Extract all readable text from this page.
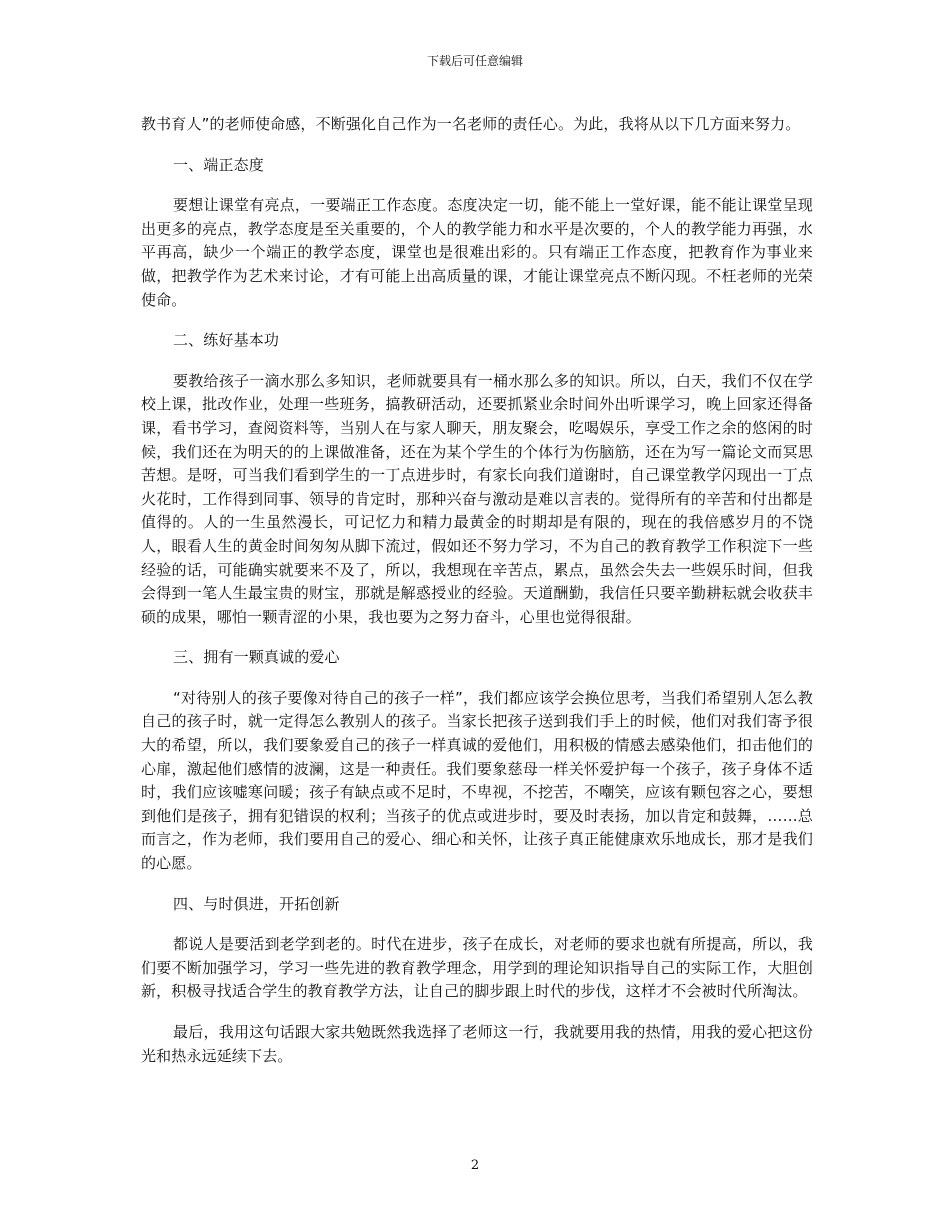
下载后可任意编辑

教书育人”的老师使命感，不断强化自己作为一名老师的责任心。为此，我将从以下几方面来努力。

一、端正态度

要想让课堂有亮点，一要端正工作态度。态度决定一切，能不能上一堂好课，能不能让课堂呈现出更多的亮点，教学态度是至关重要的，个人的教学能力和水平是次要的，个人的教学能力再强，水平再高，缺少一个端正的教学态度，课堂也是很难出彩的。只有端正工作态度，把教育作为事业来做，把教学作为艺术来讨论，才有可能上出高质量的课，才能让课堂亮点不断闪现。不枉老师的光荣使命。

二、练好基本功

要教给孩子一滴水那么多知识，老师就要具有一桶水那么多的知识。所以，白天，我们不仅在学校上课，批改作业，处理一些班务，搞教研活动，还要抓紧业余时间外出听课学习，晚上回家还得备课，看书学习，查阅资料等，当别人在与家人聊天，朋友聚会，吃喝娱乐，享受工作之余的悠闲的时候，我们还在为明天的的上课做准备，还在为某个学生的个体行为伤脑筋，还在为写一篇论文而冥思苦想。是呀，可当我们看到学生的一丁点进步时，有家长向我们道谢时，自己课堂教学闪现出一丁点火花时，工作得到同事、领导的肯定时，那种兴奋与激动是难以言表的。觉得所有的辛苦和付出都是值得的。人的一生虽然漫长，可记忆力和精力最黄金的时期却是有限的，现在的我倍感岁月的不饶人，眼看人生的黄金时间匆匆从脚下流过，假如还不努力学习，不为自己的教育教学工作积淀下一些经验的话，可能确实就要来不及了，所以，我想现在辛苦点，累点，虽然会失去一些娱乐时间，但我会得到一笔人生最宝贵的财宝，那就是解惑授业的经验。天道酬勤，我信任只要辛勤耕耘就会收获丰硕的成果，哪怕一颗青涩的小果，我也要为之努力奋斗，心里也觉得很甜。

三、拥有一颗真诚的爱心

“对待别人的孩子要像对待自己的孩子一样”，我们都应该学会换位思考，当我们希望别人怎么教自己的孩子时，就一定得怎么教别人的孩子。当家长把孩子送到我们手上的时候，他们对我们寄予很大的希望，所以，我们要象爱自己的孩子一样真诚的爱他们，用积极的情感去感染他们，扣击他们的心扉，激起他们感情的波澜，这是一种责任。我们要象慈母一样关怀爱护每一个孩子，孩子身体不适时，我们应该嘘寒问暖；孩子有缺点或不足时，不卑视，不挖苦，不嘲笑，应该有颗包容之心，要想到他们是孩子，拥有犯错误的权利；当孩子的优点或进步时，要及时表扬，加以肯定和鼓舞，……总而言之，作为老师，我们要用自己的爱心、细心和关怀，让孩子真正能健康欢乐地成长，那才是我们的心愿。

四、与时俱进，开拓创新

都说人是要活到老学到老的。时代在进步，孩子在成长，对老师的要求也就有所提高，所以，我们要不断加强学习，学习一些先进的教育教学理念，用学到的理论知识指导自己的实际工作，大胆创新，积极寻找适合学生的教育教学方法，让自己的脚步跟上时代的步伐，这样才不会被时代所淘汰。

最后，我用这句话跟大家共勉既然我选择了老师这一行，我就要用我的热情，用我的爱心把这份光和热永远延续下去。

2
